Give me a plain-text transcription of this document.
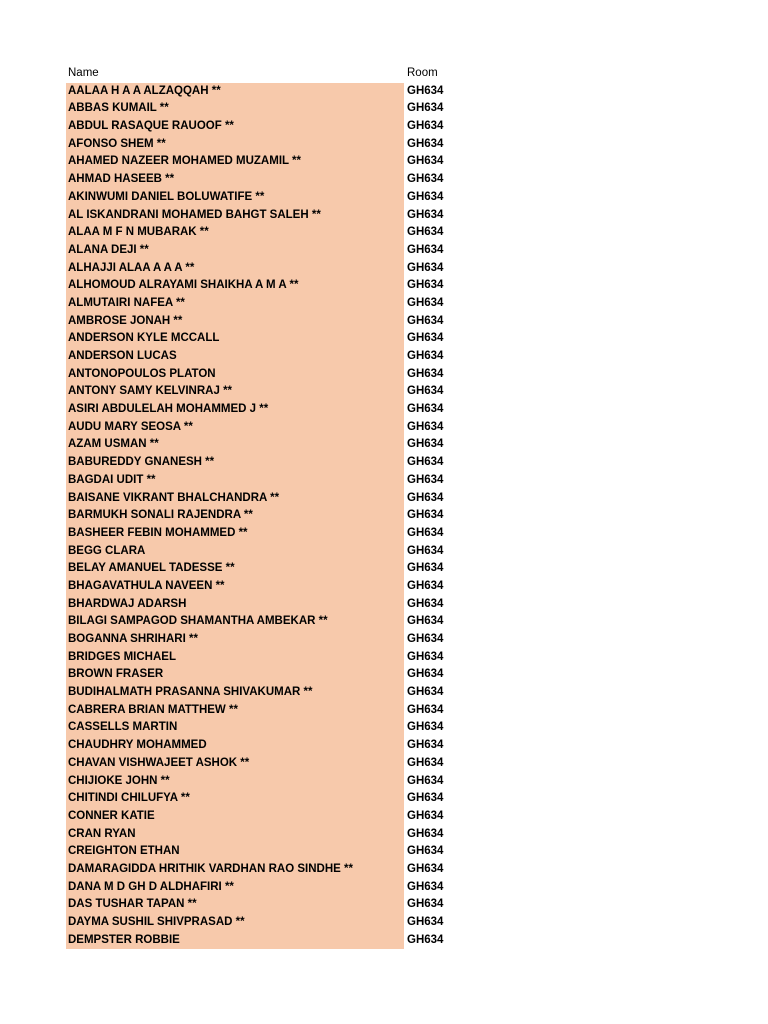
Name	Room
AALAA H A A ALZAQQAH **	GH634
ABBAS KUMAIL **	GH634
ABDUL RASAQUE RAUOOF **	GH634
AFONSO SHEM **	GH634
AHAMED NAZEER MOHAMED MUZAMIL **	GH634
AHMAD HASEEB **	GH634
AKINWUMI DANIEL BOLUWATIFE **	GH634
AL ISKANDRANI MOHAMED BAHGT SALEH **	GH634
ALAA M F N MUBARAK **	GH634
ALANA DEJI **	GH634
ALHAJJI ALAA A A A **	GH634
ALHOMOUD ALRAYAMI SHAIKHA A M A **	GH634
ALMUTAIRI NAFEA **	GH634
AMBROSE JONAH **	GH634
ANDERSON KYLE MCCALL	GH634
ANDERSON LUCAS	GH634
ANTONOPOULOS PLATON	GH634
ANTONY SAMY KELVINRAJ **	GH634
ASIRI ABDULELAH MOHAMMED J **	GH634
AUDU MARY SEOSA **	GH634
AZAM USMAN **	GH634
BABUREDDY GNANESH **	GH634
BAGDAI UDIT **	GH634
BAISANE VIKRANT BHALCHANDRA **	GH634
BARMUKH SONALI RAJENDRA **	GH634
BASHEER FEBIN MOHAMMED **	GH634
BEGG CLARA	GH634
BELAY AMANUEL TADESSE **	GH634
BHAGAVATHULA NAVEEN **	GH634
BHARDWAJ ADARSH	GH634
BILAGI SAMPAGOD SHAMANTHA AMBEKAR **	GH634
BOGANNA SHRIHARI **	GH634
BRIDGES MICHAEL	GH634
BROWN FRASER	GH634
BUDIHALMATH PRASANNA SHIVAKUMAR **	GH634
CABRERA BRIAN MATTHEW **	GH634
CASSELLS MARTIN	GH634
CHAUDHRY MOHAMMED	GH634
CHAVAN VISHWAJEET ASHOK **	GH634
CHIJIOKE JOHN **	GH634
CHITINDI CHILUFYA **	GH634
CONNER KATIE	GH634
CRAN RYAN	GH634
CREIGHTON ETHAN	GH634
DAMARAGIDDA HRITHIK VARDHAN RAO SINDHE **	GH634
DANA M D GH D ALDHAFIRI **	GH634
DAS TUSHAR TAPAN **	GH634
DAYMA SUSHIL SHIVPRASAD **	GH634
DEMPSTER ROBBIE	GH634
